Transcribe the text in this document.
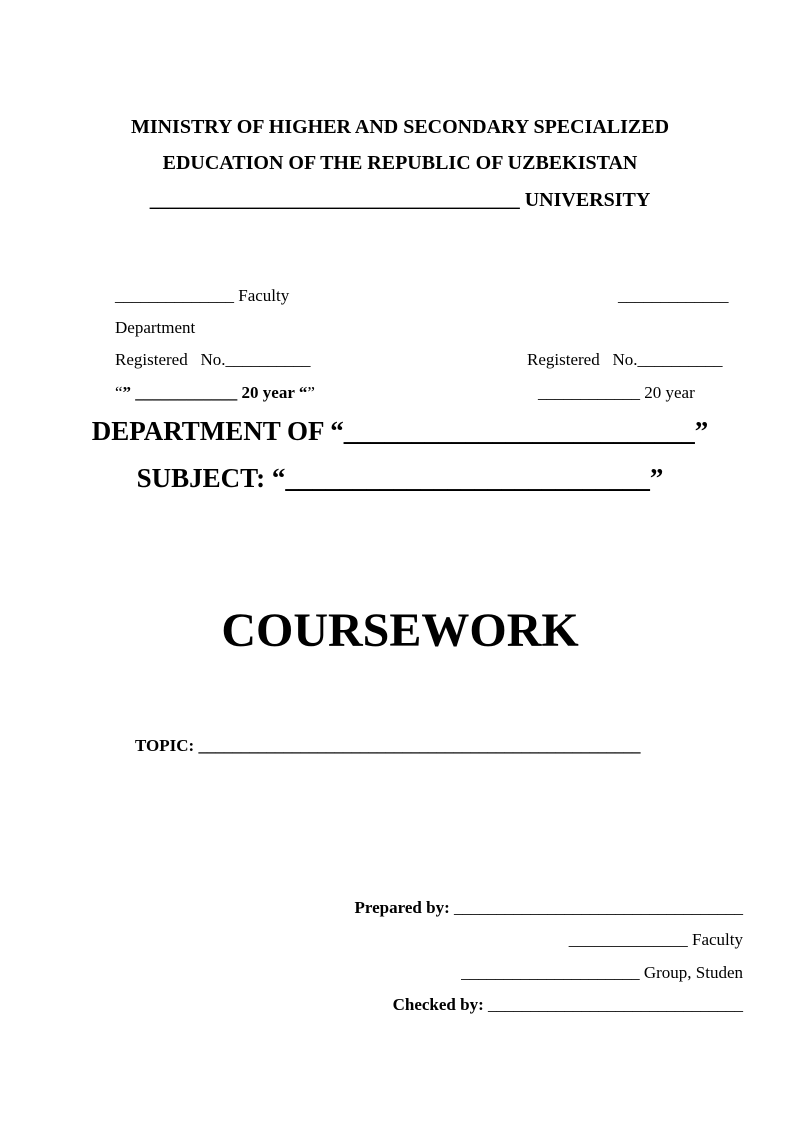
MINISTRY OF HIGHER AND SECONDARY SPECIALIZED
EDUCATION OF THE REPUBLIC OF UZBEKISTAN
_____________________________________ UNIVERSITY
______________ Faculty	_____________
Department
Registered   No.__________	Registered   No.__________
“” ____________ 20 year “”	____________ 20 year
DEPARTMENT OF “__________________________”
SUBJECT: “___________________________”
COURSEWORK
TOPIC: ____________________________________________________
Prepared by: __________________________________
______________ Faculty
_____________________ Group, Studen
Checked by: ______________________________
